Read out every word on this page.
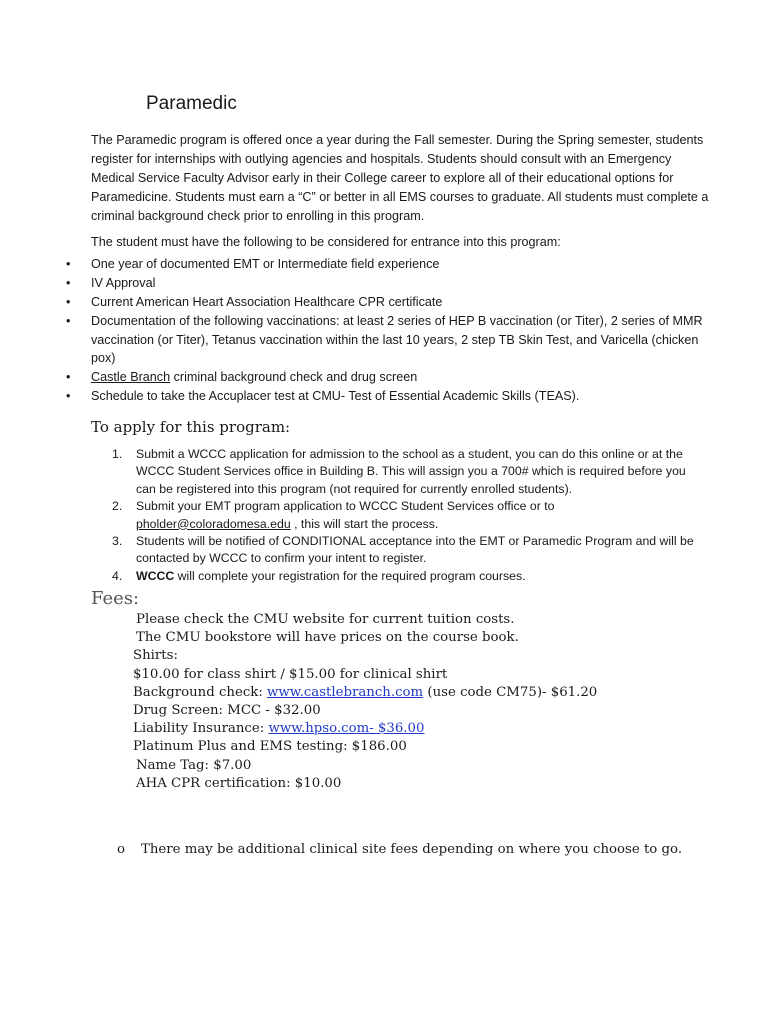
Paramedic
The Paramedic program is offered once a year during the Fall semester. During the Spring semester, students register for internships with outlying agencies and hospitals. Students should consult with an Emergency Medical Service Faculty Advisor early in their College career to explore all of their educational options for Paramedicine. Students must earn a “C” or better in all EMS courses to graduate. All students must complete a criminal background check prior to enrolling in this program.
The student must have the following to be considered for entrance into this program:
• One year of documented EMT or Intermediate field experience
• IV Approval
• Current American Heart Association Healthcare CPR certificate
• Documentation of the following vaccinations: at least 2 series of HEP B vaccination (or Titer), 2 series of MMR vaccination (or Titer), Tetanus vaccination within the last 10 years, 2 step TB Skin Test, and Varicella (chicken pox)
• Castle Branch criminal background check and drug screen
• Schedule to take the Accuplacer test at CMU- Test of Essential Academic Skills (TEAS).
To apply for this program:
1. Submit a WCCC application for admission to the school as a student, you can do this online or at the WCCC Student Services office in Building B. This will assign you a 700# which is required before you can be registered into this program (not required for currently enrolled students).
2. Submit your EMT program application to WCCC Student Services office or to pholder@coloradomesa.edu , this will start the process.
3. Students will be notified of CONDITIONAL acceptance into the EMT or Paramedic Program and will be contacted by WCCC to confirm your intent to register.
4. WCCC will complete your registration for the required program courses.
Fees:
Please check the CMU website for current tuition costs.
The CMU bookstore will have prices on the course book.
Shirts:
$10.00 for class shirt / $15.00 for clinical shirt
Background check: www.castlebranch.com (use code CM75)- $61.20
Drug Screen: MCC - $32.00
Liability Insurance: www.hpso.com- $36.00
Platinum Plus and EMS testing: $186.00
Name Tag: $7.00
AHA CPR certification: $10.00
o There may be additional clinical site fees depending on where you choose to go.
